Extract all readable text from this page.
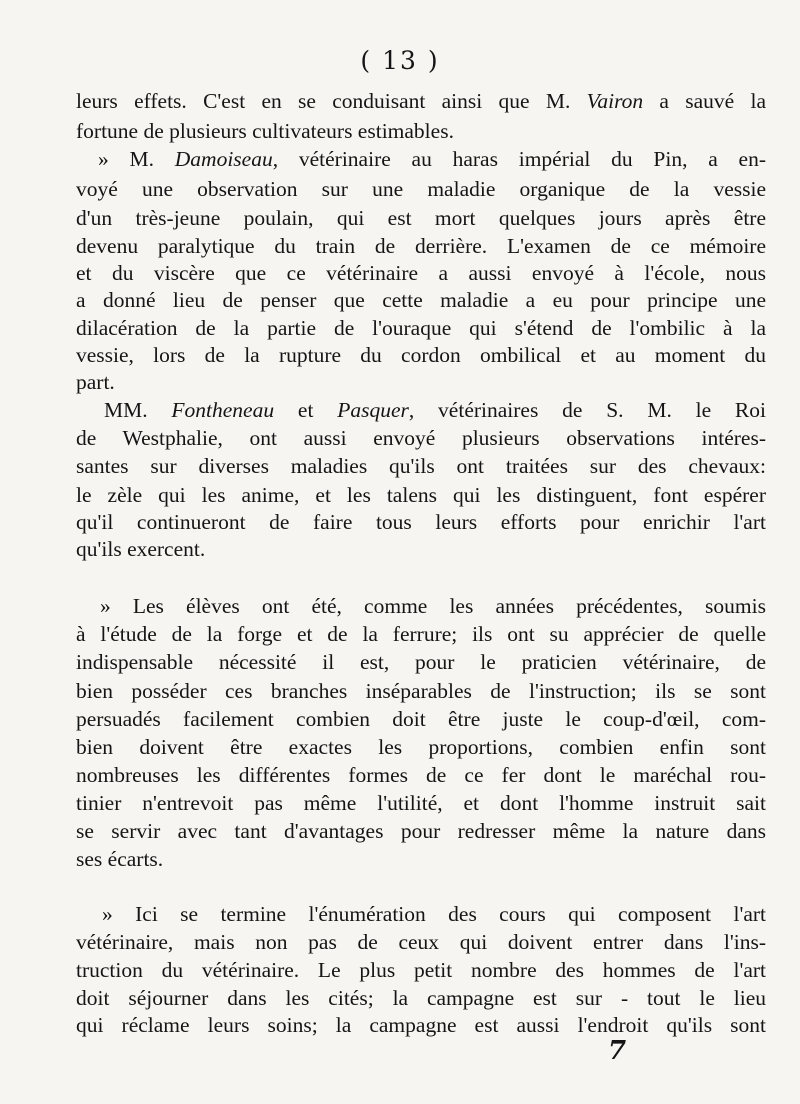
( 13 )
leurs effets. C'est en se conduisant ainsi que M. Vairon a sauvé la
fortune de plusieurs cultivateurs estimables.
» M. Damoiseau, vétérinaire au haras impérial du Pin, a en-
voyé une observation sur une maladie organique de la vessie
d'un très-jeune poulain, qui est mort quelques jours après être
devenu paralytique du train de derrière. L'examen de ce mémoire
et du viscère que ce vétérinaire a aussi envoyé à l'école, nous
a donné lieu de penser que cette maladie a eu pour principe une
dilacération de la partie de l'ouraque qui s'étend de l'ombilic à la
vessie, lors de la rupture du cordon ombilical et au moment du
part.
MM. Fontheneau et Pasquer, vétérinaires de S. M. le Roi
de Westphalie, ont aussi envoyé plusieurs observations intéres-
santes sur diverses maladies qu'ils ont traitées sur des chevaux:
le zèle qui les anime, et les talens qui les distinguent, font espérer
qu'il continueront de faire tous leurs efforts pour enrichir l'art
qu'ils exercent.
» Les élèves ont été, comme les années précédentes, soumis
à l'étude de la forge et de la ferrure; ils ont su apprécier de quelle
indispensable nécessité il est, pour le praticien vétérinaire, de
bien posséder ces branches inséparables de l'instruction; ils se sont
persuadés facilement combien doit être juste le coup-d'œil, com-
bien doivent être exactes les proportions, combien enfin sont
nombreuses les différentes formes de ce fer dont le maréchal rou-
tinier n'entrevoit pas même l'utilité, et dont l'homme instruit sait
se servir avec tant d'avantages pour redresser même la nature dans
ses écarts.
» Ici se termine l'énumération des cours qui composent l'art
vétérinaire, mais non pas de ceux qui doivent entrer dans l'ins-
truction du vétérinaire. Le plus petit nombre des hommes de l'art
doit séjourner dans les cités; la campagne est sur - tout le lieu
qui réclame leurs soins; la campagne est aussi l'endroit qu'ils sont
7
